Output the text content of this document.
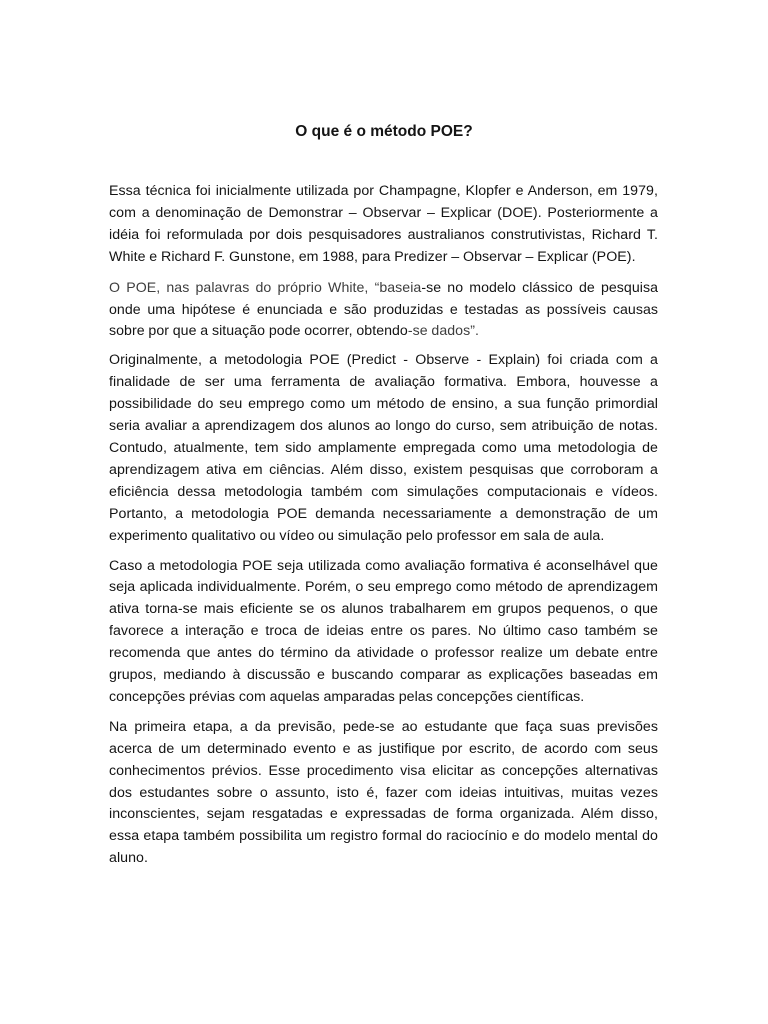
O que é o método POE?

Essa técnica foi inicialmente utilizada por Champagne, Klopfer e Anderson, em 1979, com a denominação de Demonstrar – Observar – Explicar (DOE). Posteriormente a idéia foi reformulada por dois pesquisadores australianos construtivistas, Richard T. White e Richard F. Gunstone, em 1988, para Predizer – Observar – Explicar (POE).

O POE, nas palavras do próprio White, “baseia-se no modelo clássico de pesquisa onde uma hipótese é enunciada e são produzidas e testadas as possíveis causas sobre por que a situação pode ocorrer, obtendo-se dados”.

Originalmente, a metodologia POE (Predict - Observe - Explain) foi criada com a finalidade de ser uma ferramenta de avaliação formativa. Embora, houvesse a possibilidade do seu emprego como um método de ensino, a sua função primordial seria avaliar a aprendizagem dos alunos ao longo do curso, sem atribuição de notas. Contudo, atualmente, tem sido amplamente empregada como uma metodologia de aprendizagem ativa em ciências. Além disso, existem pesquisas que corroboram a eficiência dessa metodologia também com simulações computacionais e vídeos. Portanto, a metodologia POE demanda necessariamente a demonstração de um experimento qualitativo ou vídeo ou simulação pelo professor em sala de aula.

Caso a metodologia POE seja utilizada como avaliação formativa é aconselhável que seja aplicada individualmente. Porém, o seu emprego como método de aprendizagem ativa torna-se mais eficiente se os alunos trabalharem em grupos pequenos, o que favorece a interação e troca de ideias entre os pares. No último caso também se recomenda que antes do término da atividade o professor realize um debate entre grupos, mediando à discussão e buscando comparar as explicações baseadas em concepções prévias com aquelas amparadas pelas concepções científicas.

Na primeira etapa, a da previsão, pede-se ao estudante que faça suas previsões acerca de um determinado evento e as justifique por escrito, de acordo com seus conhecimentos prévios. Esse procedimento visa elicitar as concepções alternativas dos estudantes sobre o assunto, isto é, fazer com ideias intuitivas, muitas vezes inconscientes, sejam resgatadas e expressadas de forma organizada. Além disso, essa etapa também possibilita um registro formal do raciocínio e do modelo mental do aluno.
